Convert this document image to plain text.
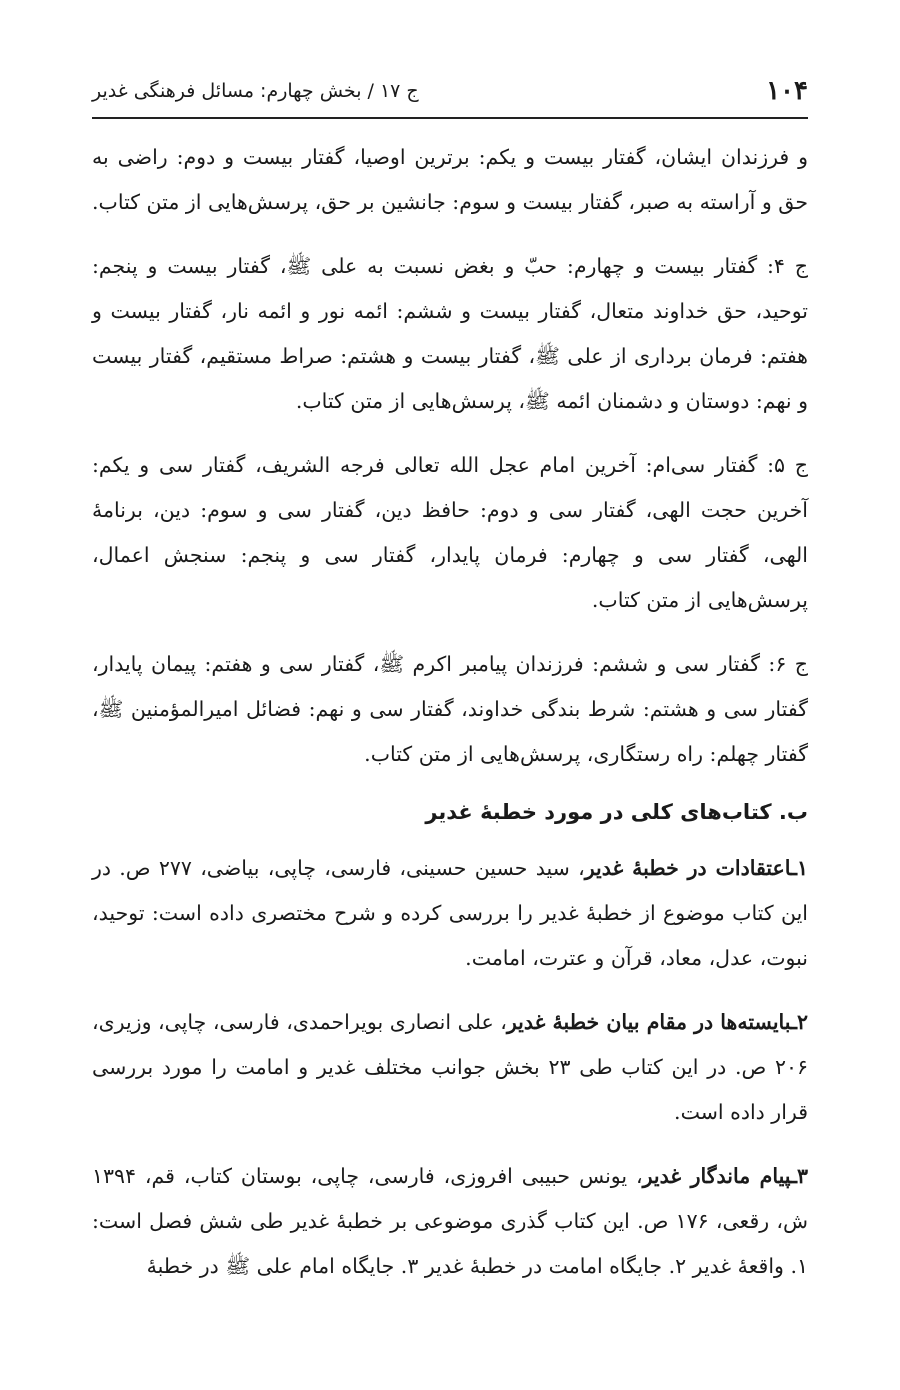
۱۰۴
ج ۱۷ / بخش چهارم: مسائل فرهنگی غدیر

و فرزندان ایشان، گفتار بیست و یکم: برترین اوصیا، گفتار بیست و دوم: راضی به حق و آراسته به صبر، گفتار بیست و سوم: جانشین بر حق، پرسش‌هایی از متن کتاب.

ج ۴: گفتار بیست و چهارم: حبّ و بغض نسبت به علی ﷺ، گفتار بیست و پنجم: توحید، حق خداوند متعال، گفتار بیست و ششم: ائمه نور و ائمه نار، گفتار بیست و هفتم: فرمان برداری از علی ﷺ، گفتار بیست و هشتم: صراط مستقیم، گفتار بیست و نهم: دوستان و دشمنان ائمه ﷺ، پرسش‌هایی از متن کتاب.

ج ۵: گفتار سی‌ام: آخرین امام عجل الله تعالی فرجه الشریف، گفتار سی و یکم: آخرین حجت الهی، گفتار سی و دوم: حافظ دین، گفتار سی و سوم: دین، برنامهٔ الهی، گفتار سی و چهارم: فرمان پایدار، گفتار سی و پنجم: سنجش اعمال، پرسش‌هایی از متن کتاب.

ج ۶: گفتار سی و ششم: فرزندان پیامبر اکرم ﷺ، گفتار سی و هفتم: پیمان پایدار، گفتار سی و هشتم: شرط بندگی خداوند، گفتار سی و نهم: فضائل امیرالمؤمنین ﷺ، گفتار چهلم: راه رستگاری، پرسش‌هایی از متن کتاب.

ب. کتاب‌های کلی در مورد خطبهٔ غدیر

۱ـاعتقادات در خطبهٔ غدیر، سید حسین حسینی، فارسی، چاپی، بیاضی، ۲۷۷ ص. در این کتاب موضوع از خطبهٔ غدیر را بررسی کرده و شرح مختصری داده است: توحید، نبوت، عدل، معاد، قرآن و عترت، امامت.

۲ـبایسته‌ها در مقام بیان خطبهٔ غدیر، علی انصاری بویراحمدی، فارسی، چاپی، وزیری، ۲۰۶ ص. در این کتاب طی ۲۳ بخش جوانب مختلف غدیر و امامت را مورد بررسی قرار داده است.

۳ـپیام ماندگار غدیر، یونس حبیبی افروزی، فارسی، چاپی، بوستان کتاب، قم، ۱۳۹۴ ش، رقعی، ۱۷۶ ص. این کتاب گذری موضوعی بر خطبهٔ غدیر طی شش فصل است: ۱. واقعهٔ غدیر ۲. جایگاه امامت در خطبهٔ غدیر ۳. جایگاه امام علی ﷺ در خطبهٔ
